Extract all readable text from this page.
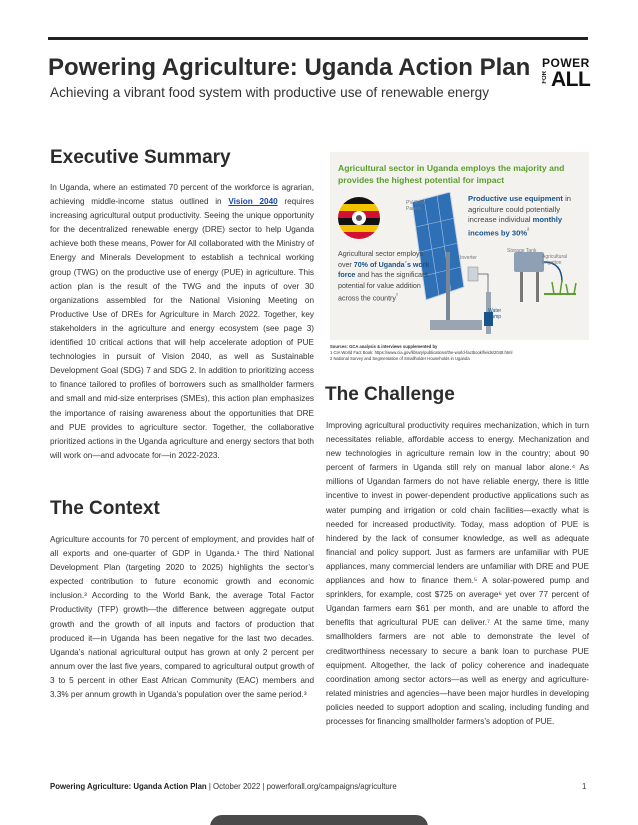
Powering Agriculture: Uganda Action Plan
Achieving a vibrant food system with productive use of renewable energy
POWER
FOR ALL
Executive Summary
In Uganda, where an estimated 70 percent of the workforce is agrarian, achieving middle-income status outlined in Vision 2040 requires increasing agricultural output productivity. Seeing the unique opportunity for the decentralized renewable energy (DRE) sector to help Uganda achieve both these means, Power for All collaborated with the Ministry of Energy and Minerals Development to establish a technical working group (TWG) on the productive use of energy (PUE) in agriculture. This action plan is the result of the TWG and the inputs of over 30 organizations assembled for the National Visioning Meeting on Productive Use of DREs for Agriculture in March 2022. Together, key stakeholders in the agriculture and energy ecosystem (see page 3) identified 10 critical actions that will help accelerate adoption of PUE technologies in pursuit of Vision 2040, as well as Sustainable Development Goal (SDG) 7 and SDG 2. In addition to prioritizing access to finance tailored to profiles of borrowers such as smallholder farmers and small and mid-size enterprises (SMEs), this action plan emphasizes the importance of raising awareness about the opportunities that DRE and PUE provides to agriculture sector. Together, the collaborative prioritized actions in the Uganda agriculture and energy sectors that both will work on—and advocate for—in 2022-2023.
The Context
Agriculture accounts for 70 percent of employment, and provides half of all exports and one-quarter of GDP in Uganda.¹ The third National Development Plan (targeting 2020 to 2025) highlights the sector’s expected contribution to future economic growth and economic inclusion.³ According to the World Bank, the average Total Factor Productivity (TFP) growth—the difference between aggregate output growth and the growth of all inputs and factors of production that produced it—in Uganda has been negative for the last two decades. Uganda’s national agricultural output has grown at only 2 percent per annum over the last five years, compared to agricultural output growth of 3 to 5 percent in other East African Community (EAC) members and 3.3% per annum growth in Uganda’s population over the same period.³
Agricultural sector in Uganda employs the majority and provides the highest potential for impact
PV Solar Panels
Inverter
Storage Tank
Agricultural Irrigation
Water Pump
Productive use equipment in agriculture could potentially increase individual monthly incomes by 30%$^{^2}$
Agricultural sector employs over 70% of Uganda´s work force and has the significant potential for value addition across the country$^{^1}$
Sources: GCA analysis & interviews supplemented by
1 CIA World Fact Book: https://www.cia.gov/library/publications/the-world-factbook/fields/2048.html
2 National Survey and Segmentation of Smallholder Households in Uganda
The Challenge
Improving agricultural productivity requires mechanization, which in turn necessitates reliable, affordable access to energy. Mechanization and new technologies in agriculture remain low in the country; about 90 percent of farmers in Uganda still rely on manual labor alone.⁴ As millions of Ugandan farmers do not have reliable energy, there is little incentive to invest in power-dependent productive applications such as water pumping and irrigation or cold chain facilities—exactly what is needed for increased productivity. Today, mass adoption of PUE is hindered by the lack of consumer knowledge, as well as adequate financial and policy support. Just as farmers are unfamiliar with PUE appliances, many commercial lenders are unfamiliar with DRE and PUE appliances and how to finance them.⁵ A solar-powered pump and sprinklers, for example, cost $725 on average⁶ yet over 77 percent of Ugandan farmers earn $61 per month, and are unable to afford the benefits that agricultural PUE can deliver.⁷ At the same time, many smallholders farmers are not able to demonstrate the level of creditworthiness necessary to secure a bank loan to purchase PUE equipment. Altogether, the lack of policy coherence and inadequate coordination among sector actors—as well as energy and agriculture-related ministries and agencies—have been major hurdles in developing policies needed to support adoption and scaling, including funding and processes for financing smallholder farmers’s adoption of PUE.
Powering Agriculture: Uganda Action Plan | October 2022 | powerforall.org/campaigns/agriculture	1
